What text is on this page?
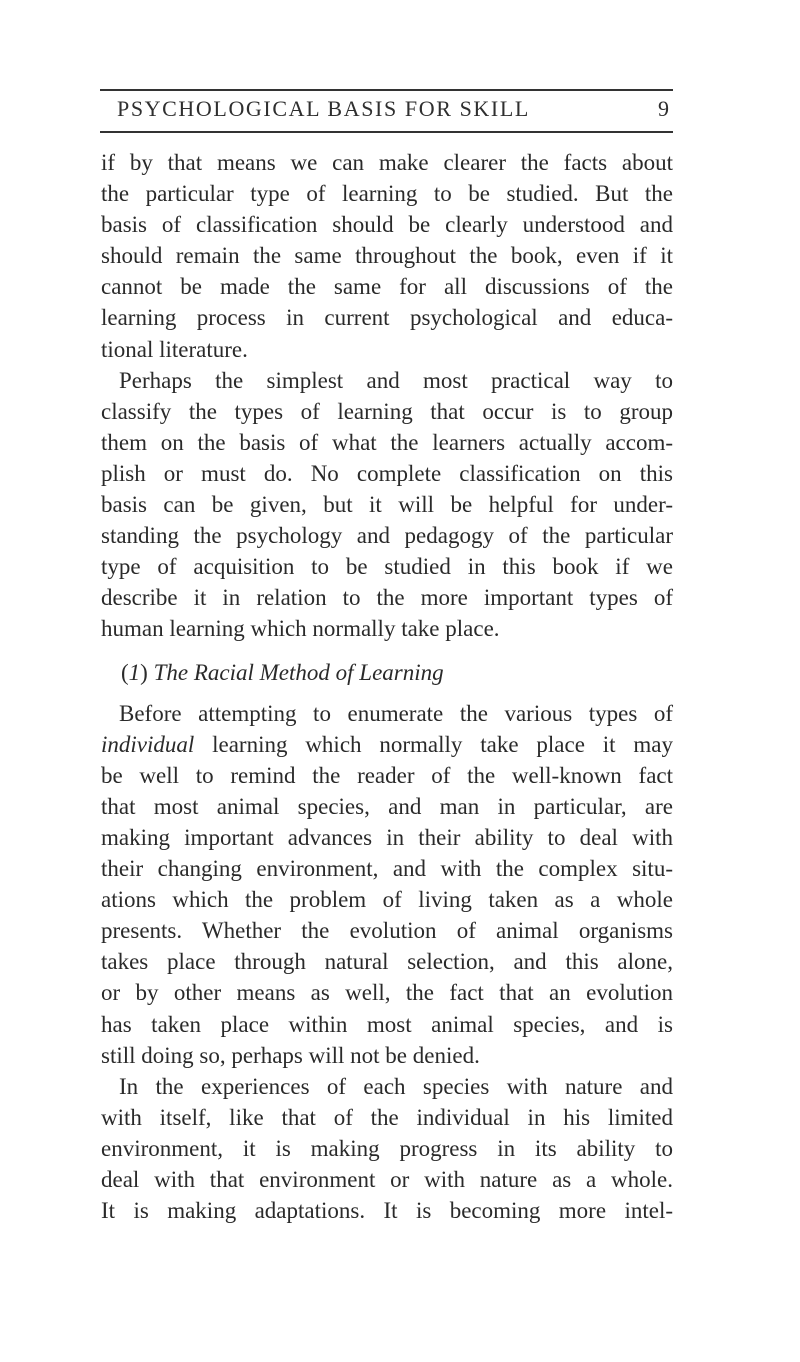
PSYCHOLOGICAL BASIS FOR SKILL	9
if by that means we can make clearer the facts about
the particular type of learning to be studied. But the
basis of classification should be clearly understood and
should remain the same throughout the book, even if it
cannot be made the same for all discussions of the
learning process in current psychological and educa-
tional literature.
Perhaps the simplest and most practical way to
classify the types of learning that occur is to group
them on the basis of what the learners actually accom-
plish or must do. No complete classification on this
basis can be given, but it will be helpful for under-
standing the psychology and pedagogy of the particular
type of acquisition to be studied in this book if we
describe it in relation to the more important types of
human learning which normally take place.
(1) The Racial Method of Learning
Before attempting to enumerate the various types of
individual learning which normally take place it may
be well to remind the reader of the well-known fact
that most animal species, and man in particular, are
making important advances in their ability to deal with
their changing environment, and with the complex situ-
ations which the problem of living taken as a whole
presents. Whether the evolution of animal organisms
takes place through natural selection, and this alone,
or by other means as well, the fact that an evolution
has taken place within most animal species, and is
still doing so, perhaps will not be denied.
In the experiences of each species with nature and
with itself, like that of the individual in his limited
environment, it is making progress in its ability to
deal with that environment or with nature as a whole.
It is making adaptations. It is becoming more intel-
